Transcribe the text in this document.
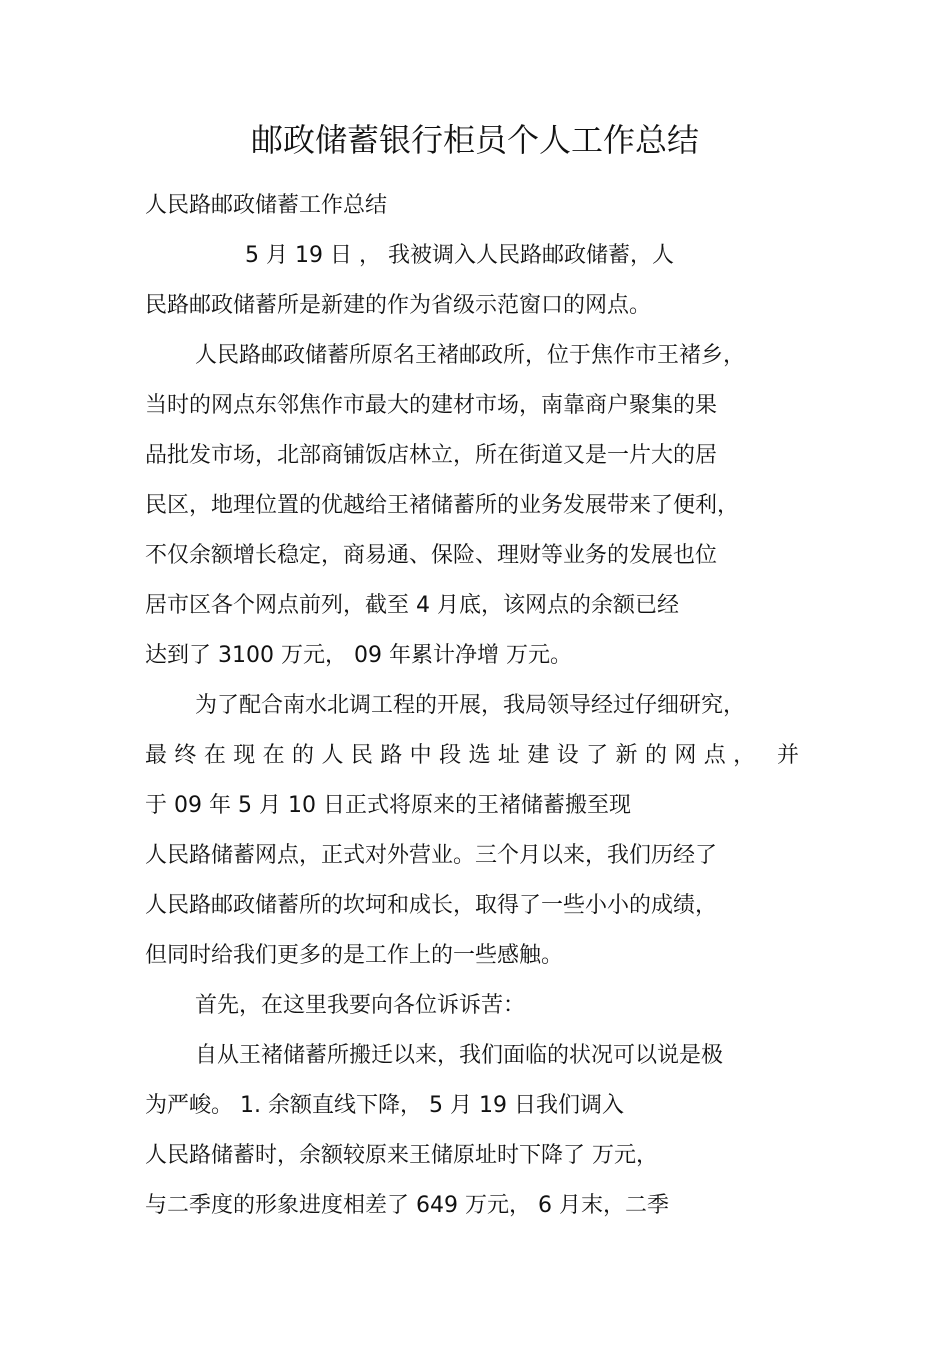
邮政储蓄银行柜员个人工作总结
人民路邮政储蓄工作总结
5 月 19 日 ， 我被调入人民路邮政储蓄，人
民路邮政储蓄所是新建的作为省级示范窗口的网点。
人民路邮政储蓄所原名王褚邮政所，位于焦作市王褚乡，
当时的网点东邻焦作市最大的建材市场，南靠商户聚集的果
品批发市场，北部商铺饭店林立，所在街道又是一片大的居
民区，地理位置的优越给王褚储蓄所的业务发展带来了便利，
不仅余额增长稳定，商易通、保险、理财等业务的发展也位
居市区各个网点前列，截至 4 月底，该网点的余额已经
达到了 3100 万元， 09 年累计净增 万元。
为了配合南水北调工程的开展，我局领导经过仔细研究，
最终在现在的人民路中段选址建设了新的网点， 并
于 09 年 5 月 10 日正式将原来的王褚储蓄搬至现
人民路储蓄网点，正式对外营业。三个月以来，我们历经了
人民路邮政储蓄所的坎坷和成长，取得了一些小小的成绩，
但同时给我们更多的是工作上的一些感触。
首先，在这里我要向各位诉诉苦：
自从王褚储蓄所搬迁以来，我们面临的状况可以说是极
为严峻。 1. 余额直线下降， 5 月 19 日我们调入
人民路储蓄时，余额较原来王储原址时下降了 万元，
与二季度的形象进度相差了 649 万元， 6 月末，二季
